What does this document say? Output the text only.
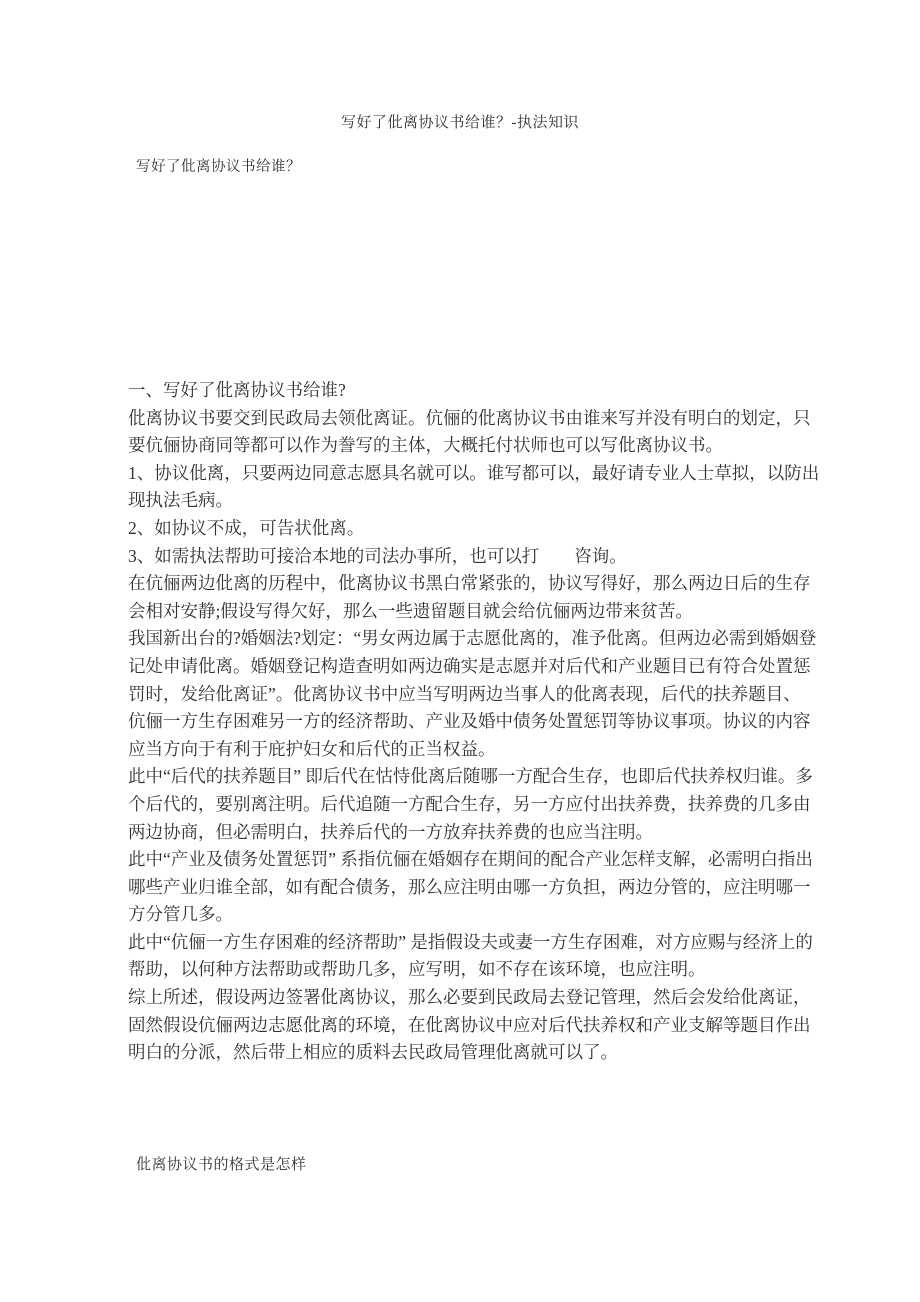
写好了仳离协议书给谁？-执法知识
写好了仳离协议书给谁？
一、写好了仳离协议书给谁?
仳离协议书要交到民政局去领仳离证。伉俪的仳离协议书由谁来写并没有明白的划定，只
要伉俪协商同等都可以作为誊写的主体，大概托付状师也可以写仳离协议书。
1、协议仳离，只要两边同意志愿具名就可以。谁写都可以，最好请专业人士草拟，以防出
现执法毛病。
2、如协议不成，可告状仳离。
3、如需执法帮助可接洽本地的司法办事所，也可以打　　咨询。
在伉俪两边仳离的历程中，仳离协议书黑白常紧张的，协议写得好，那么两边日后的生存
会相对安静;假设写得欠好，那么一些遗留题目就会给伉俪两边带来贫苦。
我国新出台的?婚姻法?划定：“男女两边属于志愿仳离的，准予仳离。但两边必需到婚姻登
记处申请仳离。婚姻登记构造查明如两边确实是志愿并对后代和产业题目已有符合处置惩
罚时，发给仳离证”。仳离协议书中应当写明两边当事人的仳离表现，后代的扶养题目、
伉俪一方生存困难另一方的经济帮助、产业及婚中债务处置惩罚等协议事项。协议的内容
应当方向于有利于庇护妇女和后代的正当权益。
此中“后代的扶养题目” 即后代在怙恃仳离后随哪一方配合生存，也即后代扶养权归谁。多
个后代的，要别离注明。后代追随一方配合生存，另一方应付出扶养费，扶养费的几多由
两边协商，但必需明白，扶养后代的一方放弃扶养费的也应当注明。
此中“产业及债务处置惩罚” 系指伉俪在婚姻存在期间的配合产业怎样支解，必需明白指出
哪些产业归谁全部，如有配合债务，那么应注明由哪一方负担，两边分管的，应注明哪一
方分管几多。
此中“伉俪一方生存困难的经济帮助” 是指假设夫或妻一方生存困难，对方应赐与经济上的
帮助，以何种方法帮助或帮助几多，应写明，如不存在该环境，也应注明。
综上所述，假设两边签署仳离协议，那么必要到民政局去登记管理，然后会发给仳离证，
固然假设伉俪两边志愿仳离的环境，在仳离协议中应对后代扶养权和产业支解等题目作出
明白的分派，然后带上相应的质料去民政局管理仳离就可以了。
仳离协议书的格式是怎样
